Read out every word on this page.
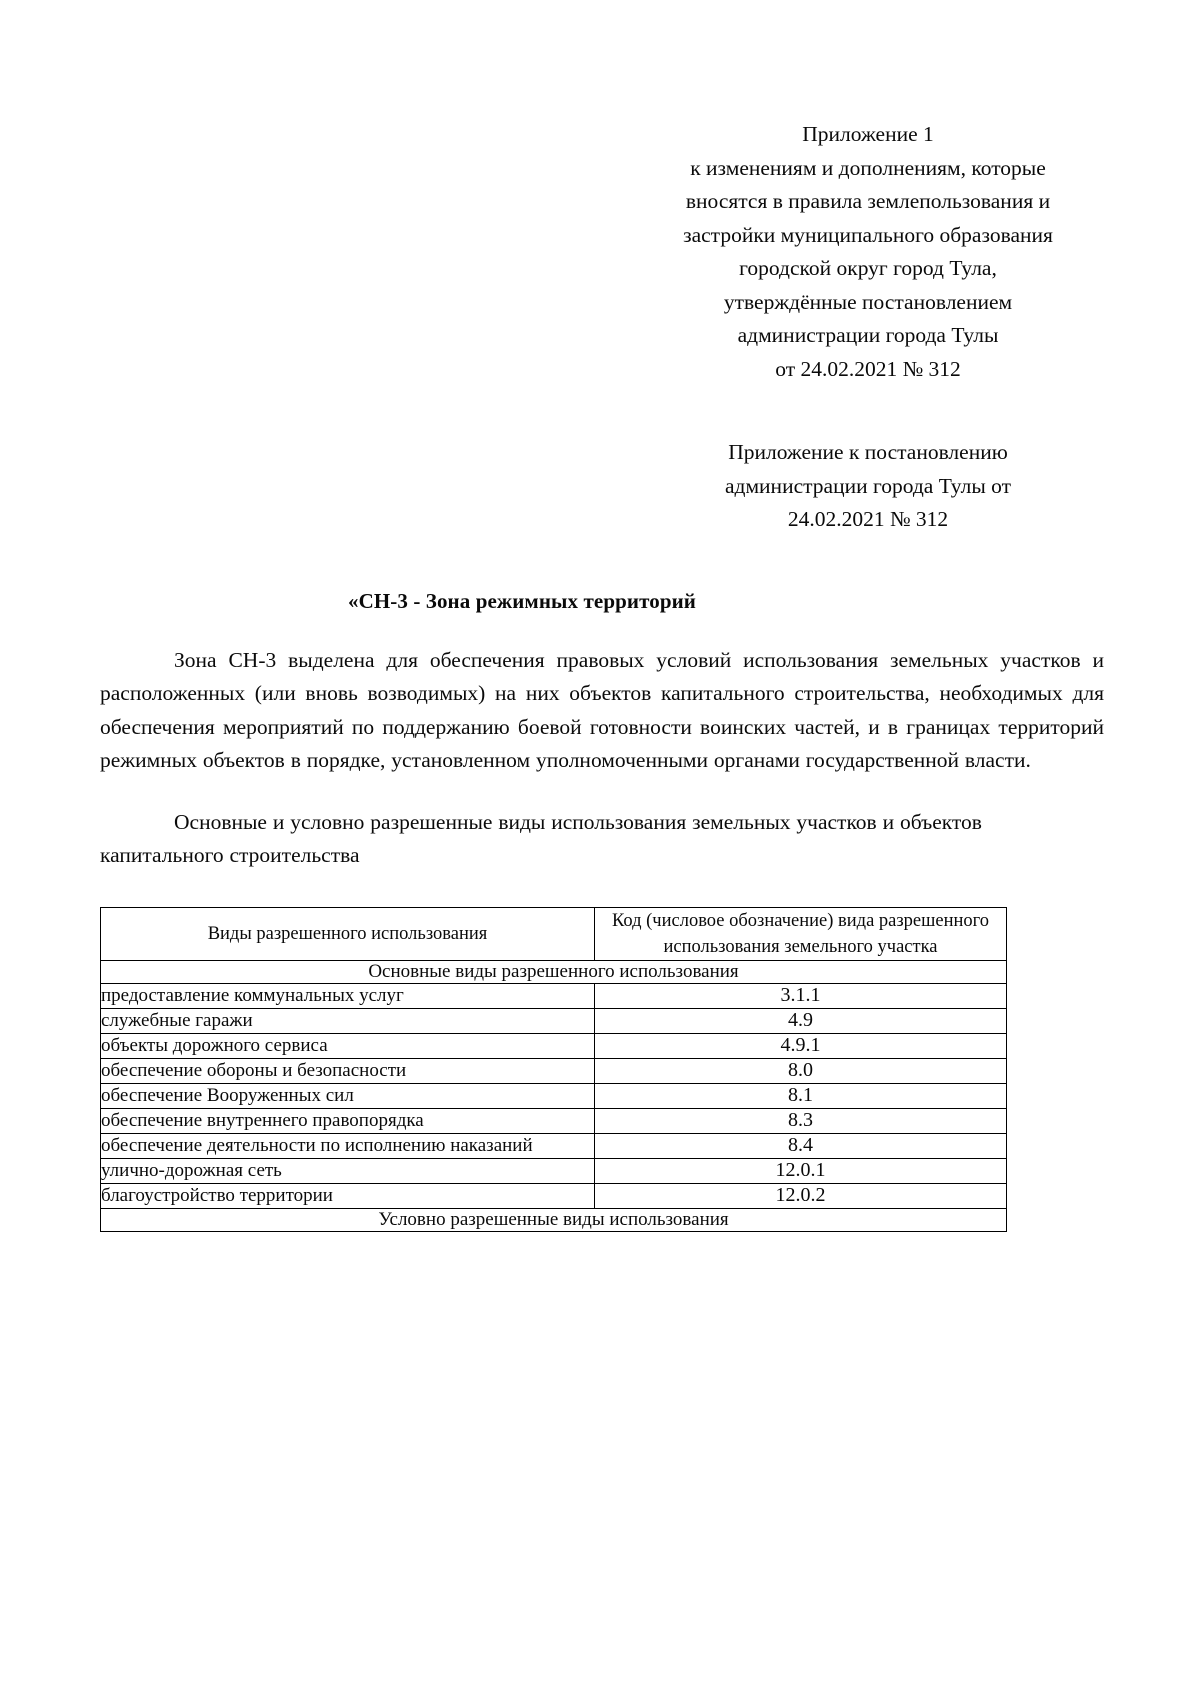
Приложение 1
к изменениям и дополнениям, которые
вносятся в правила землепользования и
застройки муниципального образования
городской округ город Тула,
утверждённые постановлением
администрации города Тулы
от 24.02.2021 № 312
Приложение к постановлению
администрации города Тулы от
24.02.2021 № 312
«СН-3 - Зона режимных территорий
Зона СН-3 выделена для обеспечения правовых условий использования земельных участков и расположенных (или вновь возводимых) на них объектов капитального строительства, необходимых для обеспечения мероприятий по поддержанию боевой готовности воинских частей, и в границах территорий режимных объектов в порядке, установленном уполномоченными органами государственной власти.
Основные и условно разрешенные виды использования земельных участков и объектов капитального строительства
Виды разрешенного использования	Код (числовое обозначение) вида разрешенного использования земельного участка
Основные виды разрешенного использования	
предоставление коммунальных услуг	3.1.1
служебные гаражи	4.9
объекты дорожного сервиса	4.9.1
обеспечение обороны и безопасности	8.0
обеспечение Вооруженных сил	8.1
обеспечение внутреннего правопорядка	8.3
обеспечение деятельности по исполнению наказаний	8.4
улично-дорожная сеть	12.0.1
благоустройство территории	12.0.2
Условно разрешенные виды использования	
